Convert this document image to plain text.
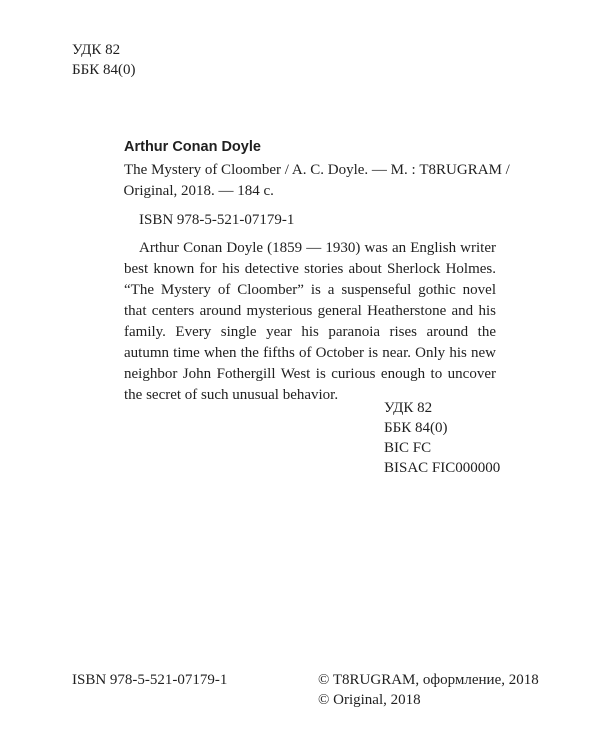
УДК 82
ББК 84(0)
Arthur Conan Doyle
The Mystery of Cloomber / A. C. Doyle. — М. : T8RUGRAM /
Original, 2018. — 184 с.
ISBN 978-5-521-07179-1

Arthur Conan Doyle (1859 — 1930) was an English writer best known for his detective stories about Sherlock Holmes. “The Mystery of Cloomber” is a suspenseful gothic novel that centers around mysterious general Heatherstone and his family. Every single year his paranoia rises around the autumn time when the fifths of October is near. Only his new neighbor John Fothergill West is curious enough to uncover the secret of such unusual behavior.

УДК 82
ББК 84(0)
BIC FC
BISAC FIC000000
ISBN 978-5-521-07179-1	© T8RUGRAM, оформление, 2018
© Original, 2018
